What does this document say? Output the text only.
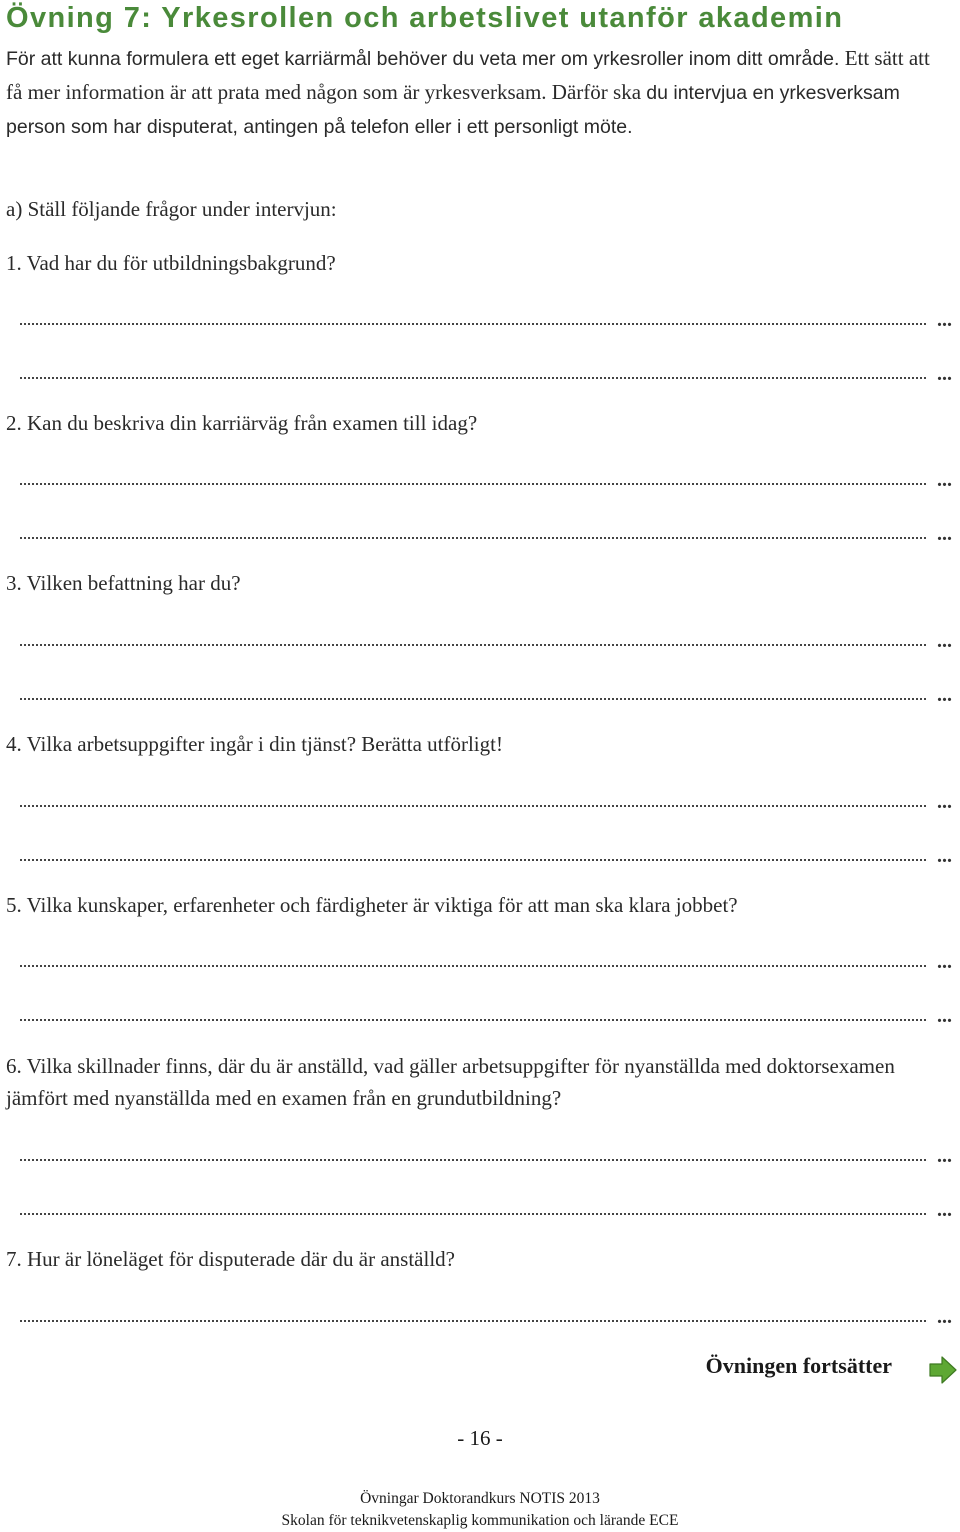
Övning 7: Yrkesrollen och arbetslivet utanför akademin
För att kunna formulera ett eget karriärmål behöver du veta mer om yrkesroller inom ditt område. Ett sätt att få mer information är att prata med någon som är yrkesverksam. Därför ska du intervjua en yrkesverksam person som har disputerat, antingen på telefon eller i ett personligt möte.
a) Ställ följande frågor under intervjun:
1. Vad har du för utbildningsbakgrund?
...
...
2. Kan du beskriva din karriärväg från examen till idag?
...
...
3. Vilken befattning har du?
...
...
4. Vilka arbetsuppgifter ingår i din tjänst? Berätta utförligt!
...
...
5. Vilka kunskaper, erfarenheter och färdigheter är viktiga för att man ska klara jobbet?
...
...
6. Vilka skillnader finns, där du är anställd, vad gäller arbetsuppgifter för nyanställda med doktorsexamen jämfört med nyanställda med en examen från en grundutbildning?
...
...
7. Hur är löneläget för disputerade där du är anställd?
...
Övningen fortsätter
- 16 -
Övningar Doktorandkurs NOTIS 2013
Skolan för teknikvetenskaplig kommunikation och lärande ECE
